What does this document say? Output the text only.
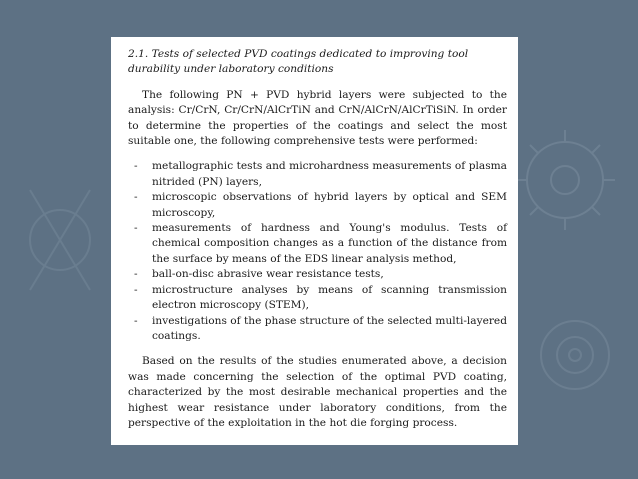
2.1. Tests of selected PVD coatings dedicated to improving tool durability under laboratory conditions

The following PN + PVD hybrid layers were subjected to the analysis: Cr/CrN, Cr/CrN/AlCrTiN and CrN/AlCrN/AlCrTiSiN. In order to determine the properties of the coatings and select the most suitable one, the following comprehensive tests were performed:

- metallographic tests and microhardness measurements of plasma nitrided (PN) layers,
- microscopic observations of hybrid layers by optical and SEM microscopy,
- measurements of hardness and Young's modulus. Tests of chemical composition changes as a function of the distance from the surface by means of the EDS linear analysis method,
- ball-on-disc abrasive wear resistance tests,
- microstructure analyses by means of scanning transmission electron microscopy (STEM),
- investigations of the phase structure of the selected multi-layered coatings.

Based on the results of the studies enumerated above, a decision was made concerning the selection of the optimal PVD coating, characterized by the most desirable mechanical properties and the highest wear resistance under laboratory conditions, from the perspective of the exploitation in the hot die forging process.
